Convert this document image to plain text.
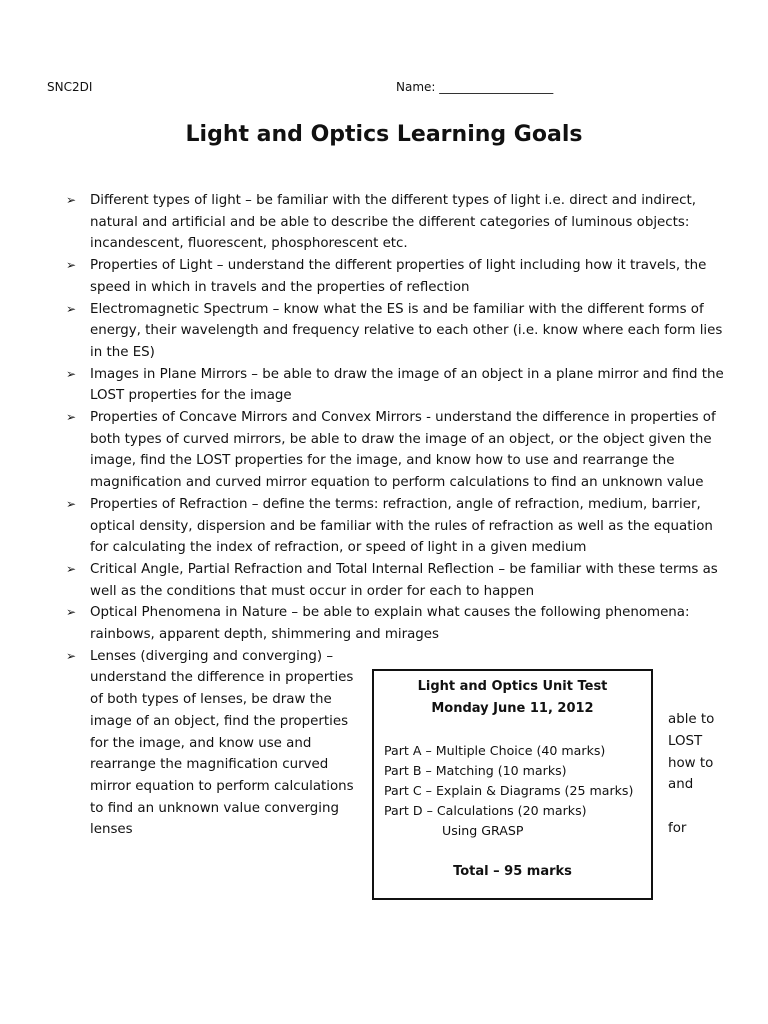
SNC2DI	Name: ___________________
Light and Optics Learning Goals
➢ Different types of light – be familiar with the different types of light i.e. direct and indirect, natural and artificial and be able to describe the different categories of luminous objects: incandescent, fluorescent, phosphorescent etc.
➢ Properties of Light – understand the different properties of light including how it travels, the speed in which in travels and the properties of reflection
➢ Electromagnetic Spectrum – know what the ES is and be familiar with the different forms of energy, their wavelength and frequency relative to each other (i.e. know where each form lies in the ES)
➢ Images in Plane Mirrors – be able to draw the image of an object in a plane mirror and find the LOST properties for the image
➢ Properties of Concave Mirrors and Convex Mirrors - understand the difference in properties of both types of curved mirrors, be able to draw the image of an object, or the object given the image, find the LOST properties for the image, and know how to use and rearrange the magnification and curved mirror equation to perform calculations to find an unknown value
➢ Properties of Refraction – define the terms: refraction, angle of refraction, medium, barrier, optical density, dispersion and be familiar with the rules of refraction as well as the equation for calculating the index of refraction, or speed of light in a given medium
➢ Critical Angle, Partial Refraction and Total Internal Reflection – be familiar with these terms as well as the conditions that must occur in order for each to happen
➢ Optical Phenomena in Nature – be able to explain what causes the following phenomena: rainbows, apparent depth, shimmering and mirages
➢ Lenses (diverging and converging) – understand the difference in properties of both types of lenses, be draw the image of an object, find the properties for the image, and know use and rearrange the magnification curved mirror equation to perform calculations to find an unknown value converging lenses
able to
LOST
how to
and
for
Light and Optics Unit Test
Monday June 11, 2012
Part A – Multiple Choice (40 marks)
Part B – Matching (10 marks)
Part C – Explain & Diagrams (25 marks)
Part D – Calculations (20 marks)
Using GRASP
Total – 95 marks
